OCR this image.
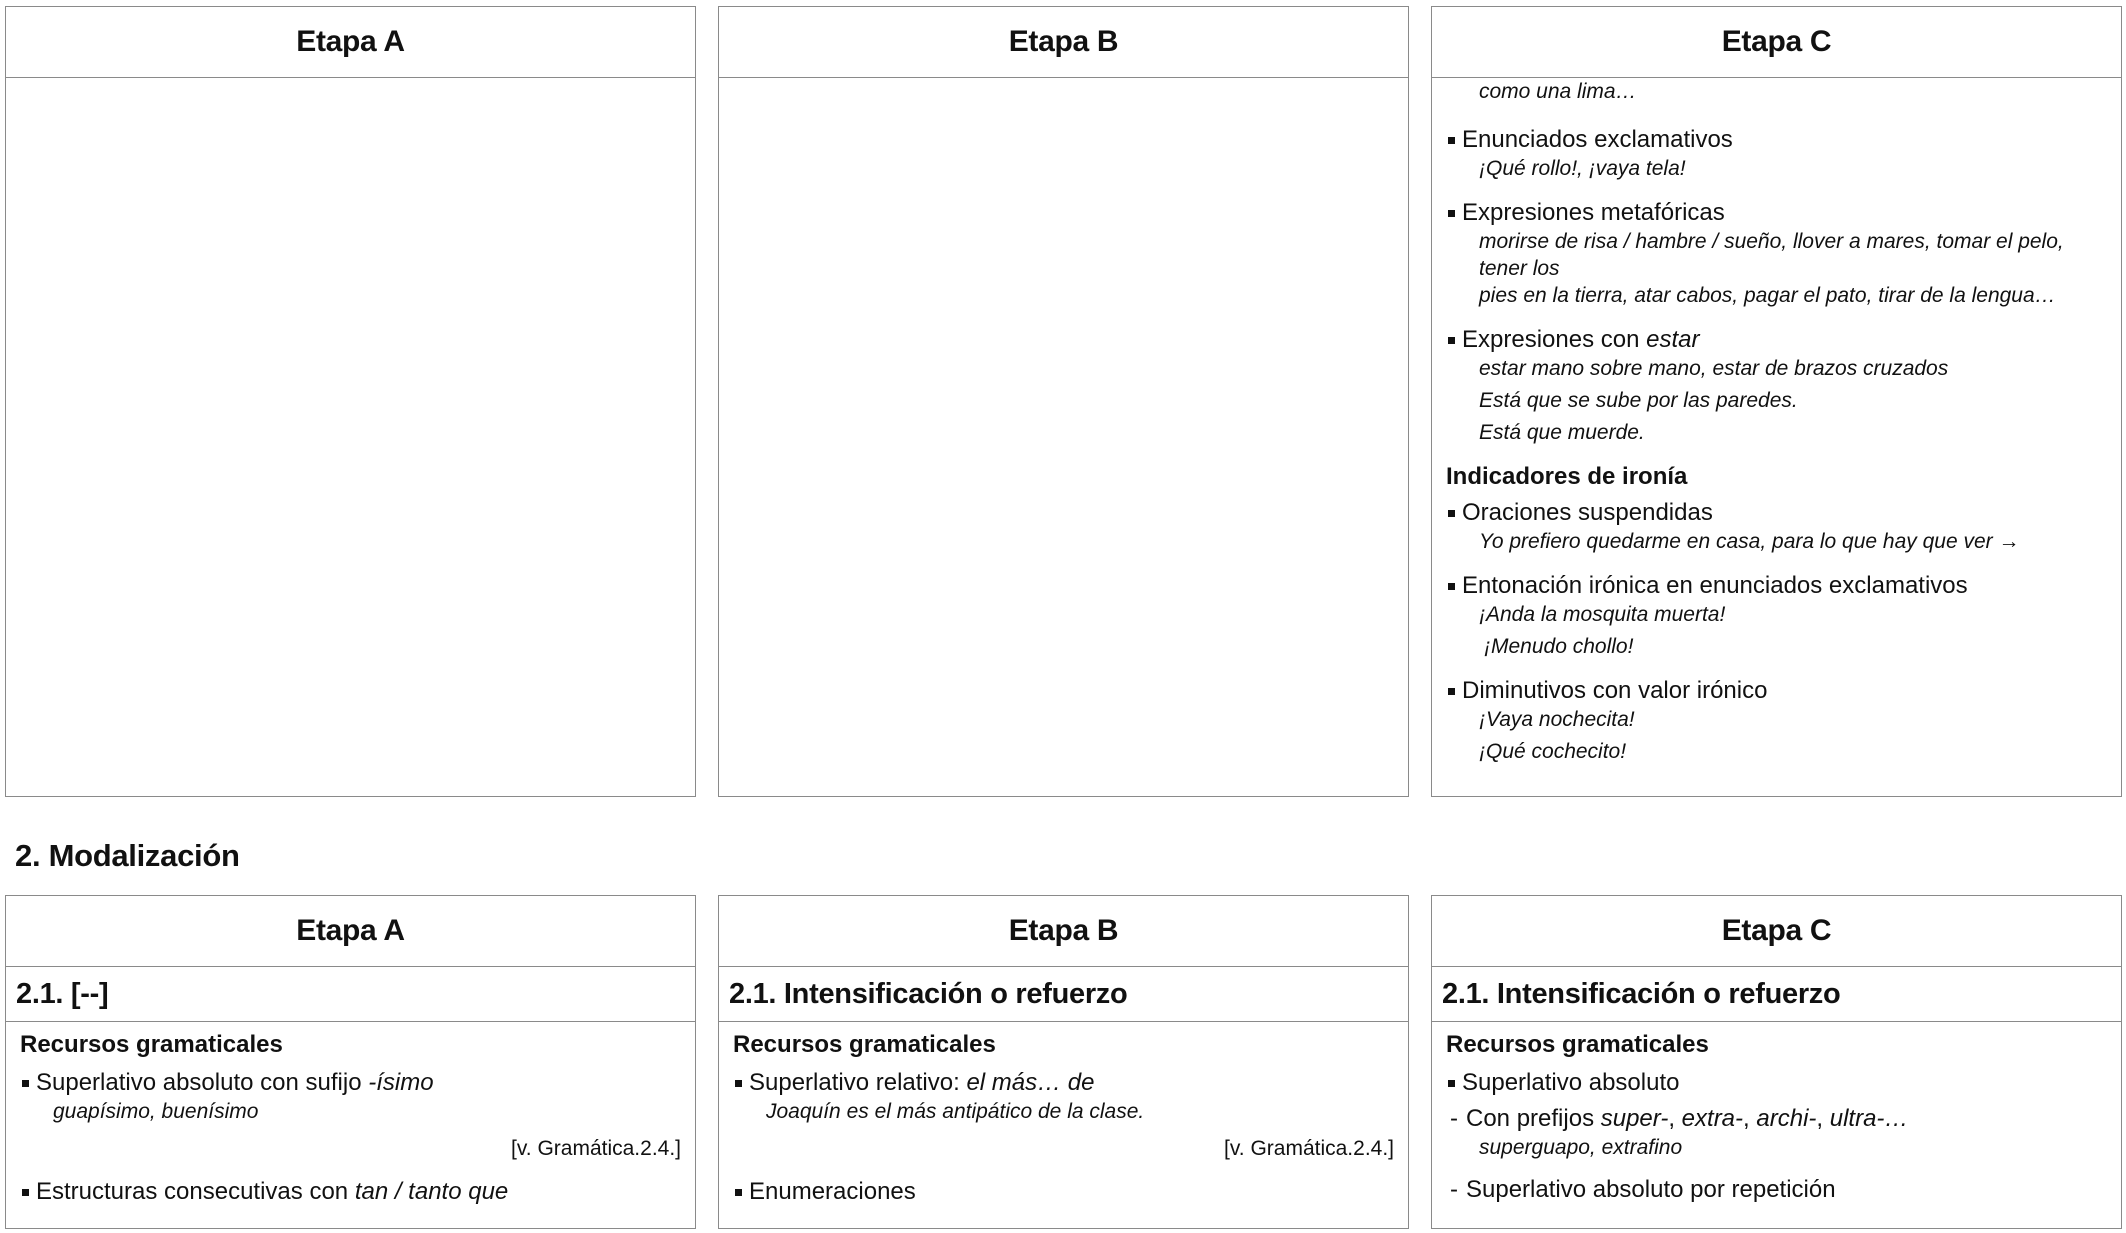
Etapa A	Etapa B	Etapa C

como una lima…

Enunciados exclamativos

¡Qué rollo!, ¡vaya tela!

Expresiones metafóricas

morirse de risa / hambre / sueño, llover a mares, tomar el pelo, tener los

pies en la tierra, atar cabos, pagar el pato, tirar de la lengua…

Expresiones con estar

estar mano sobre mano, estar de brazos cruzados

Está que se sube por las paredes.

Está que muerde.

Indicadores de ironía

Oraciones suspendidas

Yo prefiero quedarme en casa, para lo que hay que ver →

Entonación irónica en enunciados exclamativos

¡Anda la mosquita muerta!

¡Menudo chollo!

Diminutivos con valor irónico

¡Vaya nochecita!

¡Qué cochecito!

2. Modalización
Etapa A
2.1. [--]

Recursos gramaticales

Superlativo absoluto con sufijo -ísimo

guapísimo, buenísimo

[v. Gramática.2.4.]

Estructuras consecutivas con tan / tanto que

Etapa B
2.1. Intensificación o refuerzo

Recursos gramaticales

Superlativo relativo: el más… de

Joaquín es el más antipático de la clase.

[v. Gramática.2.4.]

Enumeraciones

Etapa C
2.1. Intensificación o refuerzo

Recursos gramaticales

Superlativo absoluto

- Con prefijos super-, extra-, archi-, ultra-…

superguapo, extrafino

- Superlativo absoluto por repetición
